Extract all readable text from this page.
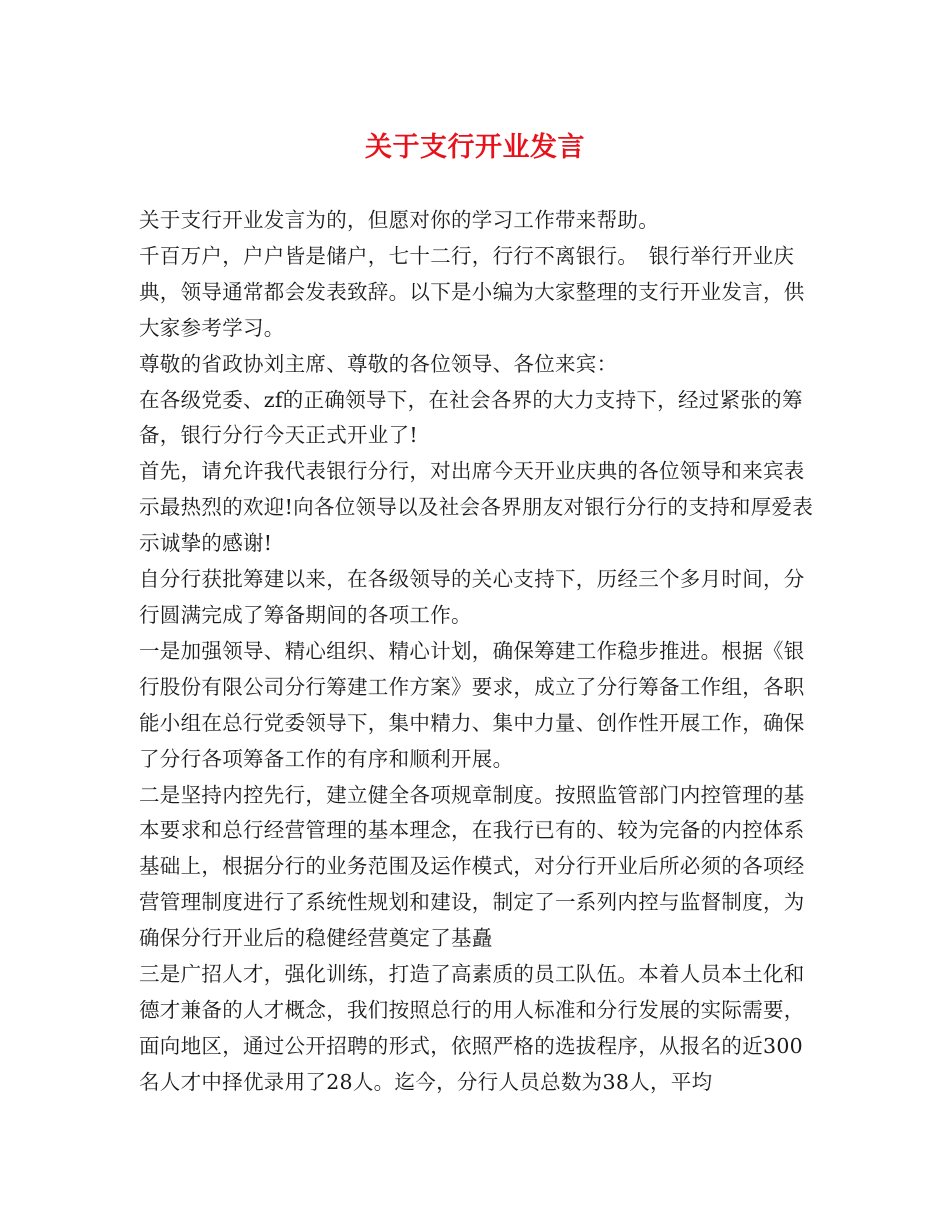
关于支行开业发言

关于支行开业发言为的，但愿对你的学习工作带来帮助。

千百万户，户户皆是储户，七十二行，行行不离银行。　银行举行开业庆典，领导通常都会发表致辞。以下是小编为大家整理的支行开业发言，供大家参考学习。

尊敬的省政协刘主席、尊敬的各位领导、各位来宾：

在各级党委、zf的正确领导下，在社会各界的大力支持下，经过紧张的筹备，银行分行今天正式开业了!

首先，请允许我代表银行分行，对出席今天开业庆典的各位领导和来宾表示最热烈的欢迎!向各位领导以及社会各界朋友对银行分行的支持和厚爱表示诚挚的感谢!

自分行获批筹建以来，在各级领导的关心支持下，历经三个多月时间，分行圆满完成了筹备期间的各项工作。

一是加强领导、精心组织、精心计划，确保筹建工作稳步推进。根据《银行股份有限公司分行筹建工作方案》要求，成立了分行筹备工作组，各职能小组在总行党委领导下，集中精力、集中力量、创作性开展工作，确保了分行各项筹备工作的有序和顺利开展。

二是坚持内控先行，建立健全各项规章制度。按照监管部门内控管理的基本要求和总行经营管理的基本理念，在我行已有的、较为完备的内控体系基础上，根据分行的业务范围及运作模式，对分行开业后所必须的各项经营管理制度进行了系统性规划和建设，制定了一系列内控与监督制度，为确保分行开业后的稳健经营奠定了基矗

三是广招人才，强化训练，打造了高素质的员工队伍。本着人员本土化和德才兼备的人才概念，我们按照总行的用人标准和分行发展的实际需要，面向地区，通过公开招聘的形式，依照严格的选拔程序，从报名的近300名人才中择优录用了28人。迄今，分行人员总数为38人，平均
